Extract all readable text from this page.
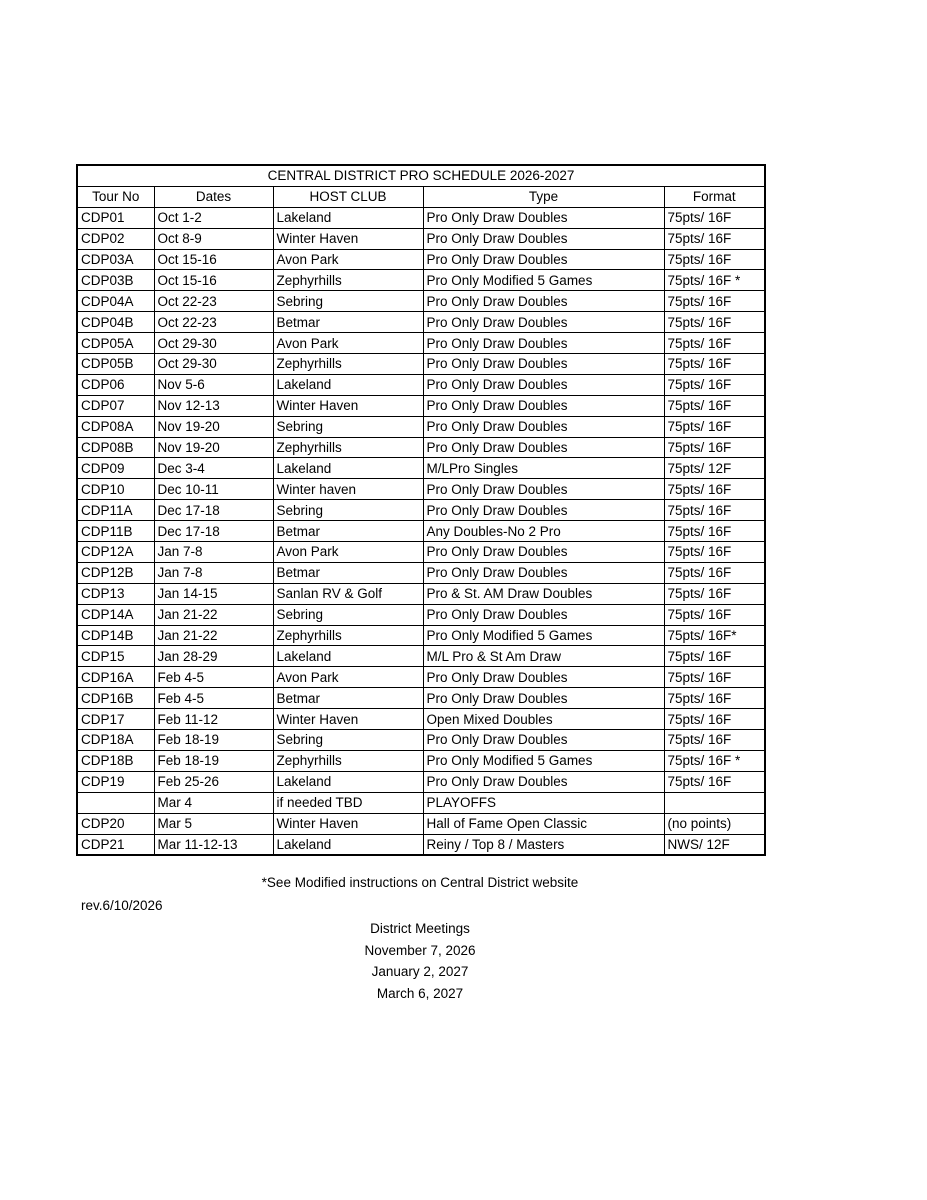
CENTRAL DISTRICT PRO SCHEDULE 2026-2027				
Tour No	Dates	HOST CLUB	Type	Format
CDP01	Oct 1-2	Lakeland	Pro Only Draw Doubles	75pts/ 16F
CDP02	Oct 8-9	Winter Haven	Pro Only Draw Doubles	75pts/ 16F
CDP03A	Oct 15-16	Avon Park	Pro Only Draw Doubles	75pts/ 16F
CDP03B	Oct 15-16	Zephyrhills	Pro Only Modified 5 Games	75pts/ 16F *
CDP04A	Oct 22-23	Sebring	Pro Only Draw Doubles	75pts/ 16F
CDP04B	Oct 22-23	Betmar	Pro Only Draw Doubles	75pts/ 16F
CDP05A	Oct 29-30	Avon Park	Pro Only Draw Doubles	75pts/ 16F
CDP05B	Oct 29-30	Zephyrhills	Pro Only Draw Doubles	75pts/ 16F
CDP06	Nov 5-6	Lakeland	Pro Only Draw Doubles	75pts/ 16F
CDP07	Nov 12-13	Winter Haven	Pro Only Draw Doubles	75pts/ 16F
CDP08A	Nov 19-20	Sebring	Pro Only Draw Doubles	75pts/ 16F
CDP08B	Nov 19-20	Zephyrhills	Pro Only Draw Doubles	75pts/ 16F
CDP09	Dec 3-4	Lakeland	M/LPro Singles	75pts/ 12F
CDP10	Dec 10-11	Winter haven	Pro Only Draw Doubles	75pts/ 16F
CDP11A	Dec 17-18	Sebring	Pro Only Draw Doubles	75pts/ 16F
CDP11B	Dec 17-18	Betmar	Any Doubles-No 2 Pro	75pts/ 16F
CDP12A	Jan 7-8	Avon Park	Pro Only Draw Doubles	75pts/ 16F
CDP12B	Jan 7-8	Betmar	Pro Only Draw Doubles	75pts/ 16F
CDP13	Jan 14-15	Sanlan RV & Golf	Pro & St. AM Draw Doubles	75pts/ 16F
CDP14A	Jan 21-22	Sebring	Pro Only Draw Doubles	75pts/ 16F
CDP14B	Jan 21-22	Zephyrhills	Pro Only Modified 5 Games	75pts/ 16F*
CDP15	Jan 28-29	Lakeland	M/L Pro & St Am Draw	75pts/ 16F
CDP16A	Feb 4-5	Avon Park	Pro Only Draw Doubles	75pts/ 16F
CDP16B	Feb 4-5	Betmar	Pro Only Draw Doubles	75pts/ 16F
CDP17	Feb 11-12	Winter Haven	Open Mixed Doubles	75pts/ 16F
CDP18A	Feb 18-19	Sebring	Pro Only Draw Doubles	75pts/ 16F
CDP18B	Feb 18-19	Zephyrhills	Pro Only Modified 5 Games	75pts/ 16F *
CDP19	Feb 25-26	Lakeland	Pro Only Draw Doubles	75pts/ 16F
	Mar 4	if needed TBD	PLAYOFFS	
CDP20	Mar 5	Winter Haven	Hall of Fame Open Classic	(no points)
CDP21	Mar 11-12-13	Lakeland	Reiny / Top 8 / Masters	NWS/ 12F
*See Modified instructions on Central District website
rev.6/10/2026
District Meetings
November 7, 2026
January 2, 2027
March 6, 2027
